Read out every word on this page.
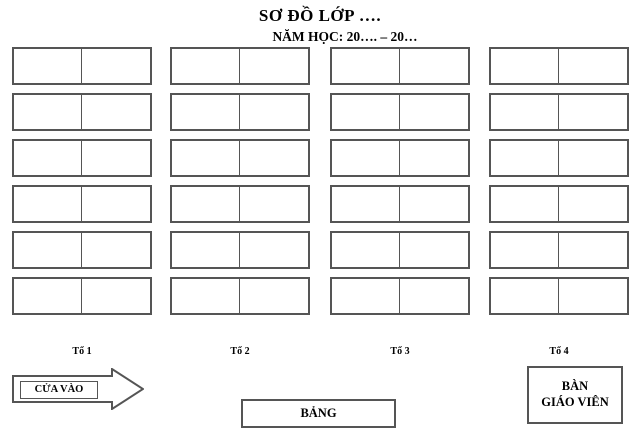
SƠ ĐỒ LỚP ….
NĂM HỌC: 20…. – 20…
Tổ 1	Tổ 2	Tổ 3	Tổ 4
CỬA VÀO
BẢNG
BÀN
GIÁO VIÊN
